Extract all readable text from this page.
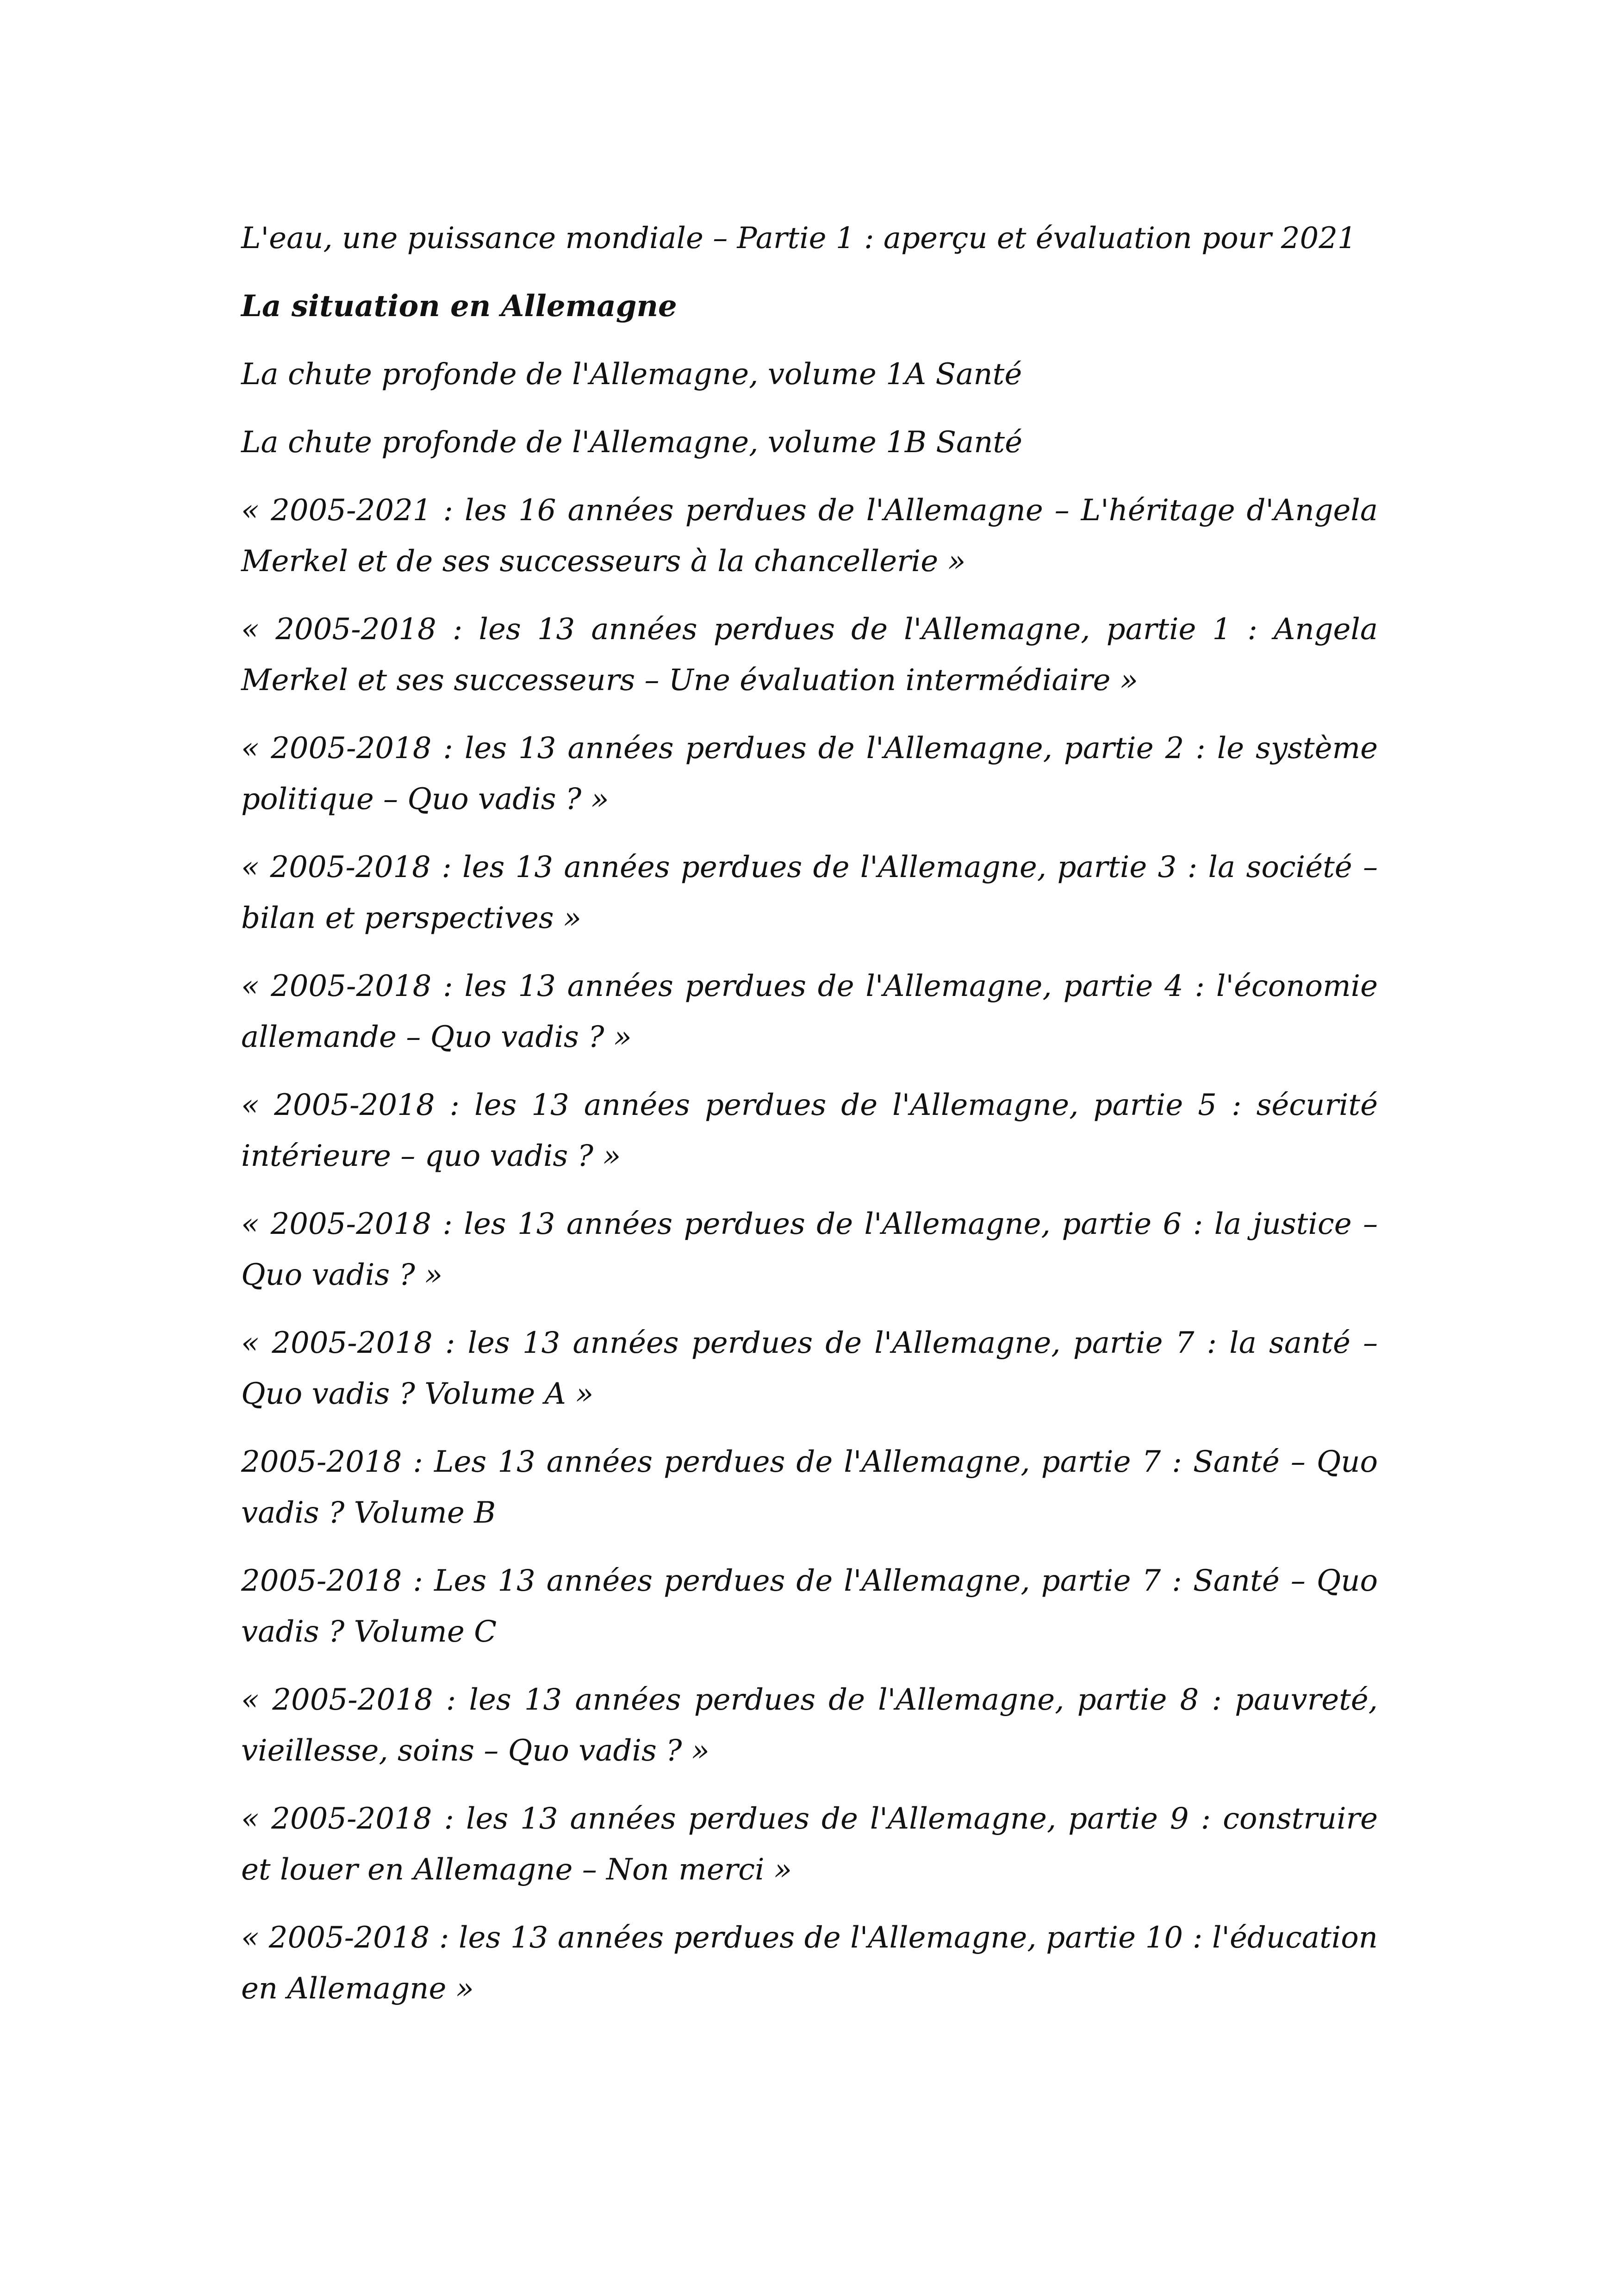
L'eau, une puissance mondiale – Partie 1 : aperçu et évaluation pour 2021

La situation en Allemagne

La chute profonde de l'Allemagne, volume 1A Santé

La chute profonde de l'Allemagne, volume 1B Santé

« 2005-2021 : les 16 années perdues de l'Allemagne – L'héritage d'Angela Merkel et de ses successeurs à la chancellerie »

« 2005-2018 : les 13 années perdues de l'Allemagne, partie 1 : Angela Merkel et ses successeurs – Une évaluation intermédiaire »

« 2005-2018 : les 13 années perdues de l'Allemagne, partie 2 : le système politique – Quo vadis ? »

« 2005-2018 : les 13 années perdues de l'Allemagne, partie 3 : la société – bilan et perspectives »

« 2005-2018 : les 13 années perdues de l'Allemagne, partie 4 : l'économie allemande – Quo vadis ? »

« 2005-2018 : les 13 années perdues de l'Allemagne, partie 5 : sécurité intérieure – quo vadis ? »

« 2005-2018 : les 13 années perdues de l'Allemagne, partie 6 : la justice – Quo vadis ? »

« 2005-2018 : les 13 années perdues de l'Allemagne, partie 7 : la santé – Quo vadis ? Volume A »

2005-2018 : Les 13 années perdues de l'Allemagne, partie 7 : Santé – Quo vadis ? Volume B

2005-2018 : Les 13 années perdues de l'Allemagne, partie 7 : Santé – Quo vadis ? Volume C

« 2005-2018 : les 13 années perdues de l'Allemagne, partie 8 : pauvreté, vieillesse, soins – Quo vadis ? »

« 2005-2018 : les 13 années perdues de l'Allemagne, partie 9 : construire et louer en Allemagne – Non merci »

« 2005-2018 : les 13 années perdues de l'Allemagne, partie 10 : l'éducation en Allemagne »
